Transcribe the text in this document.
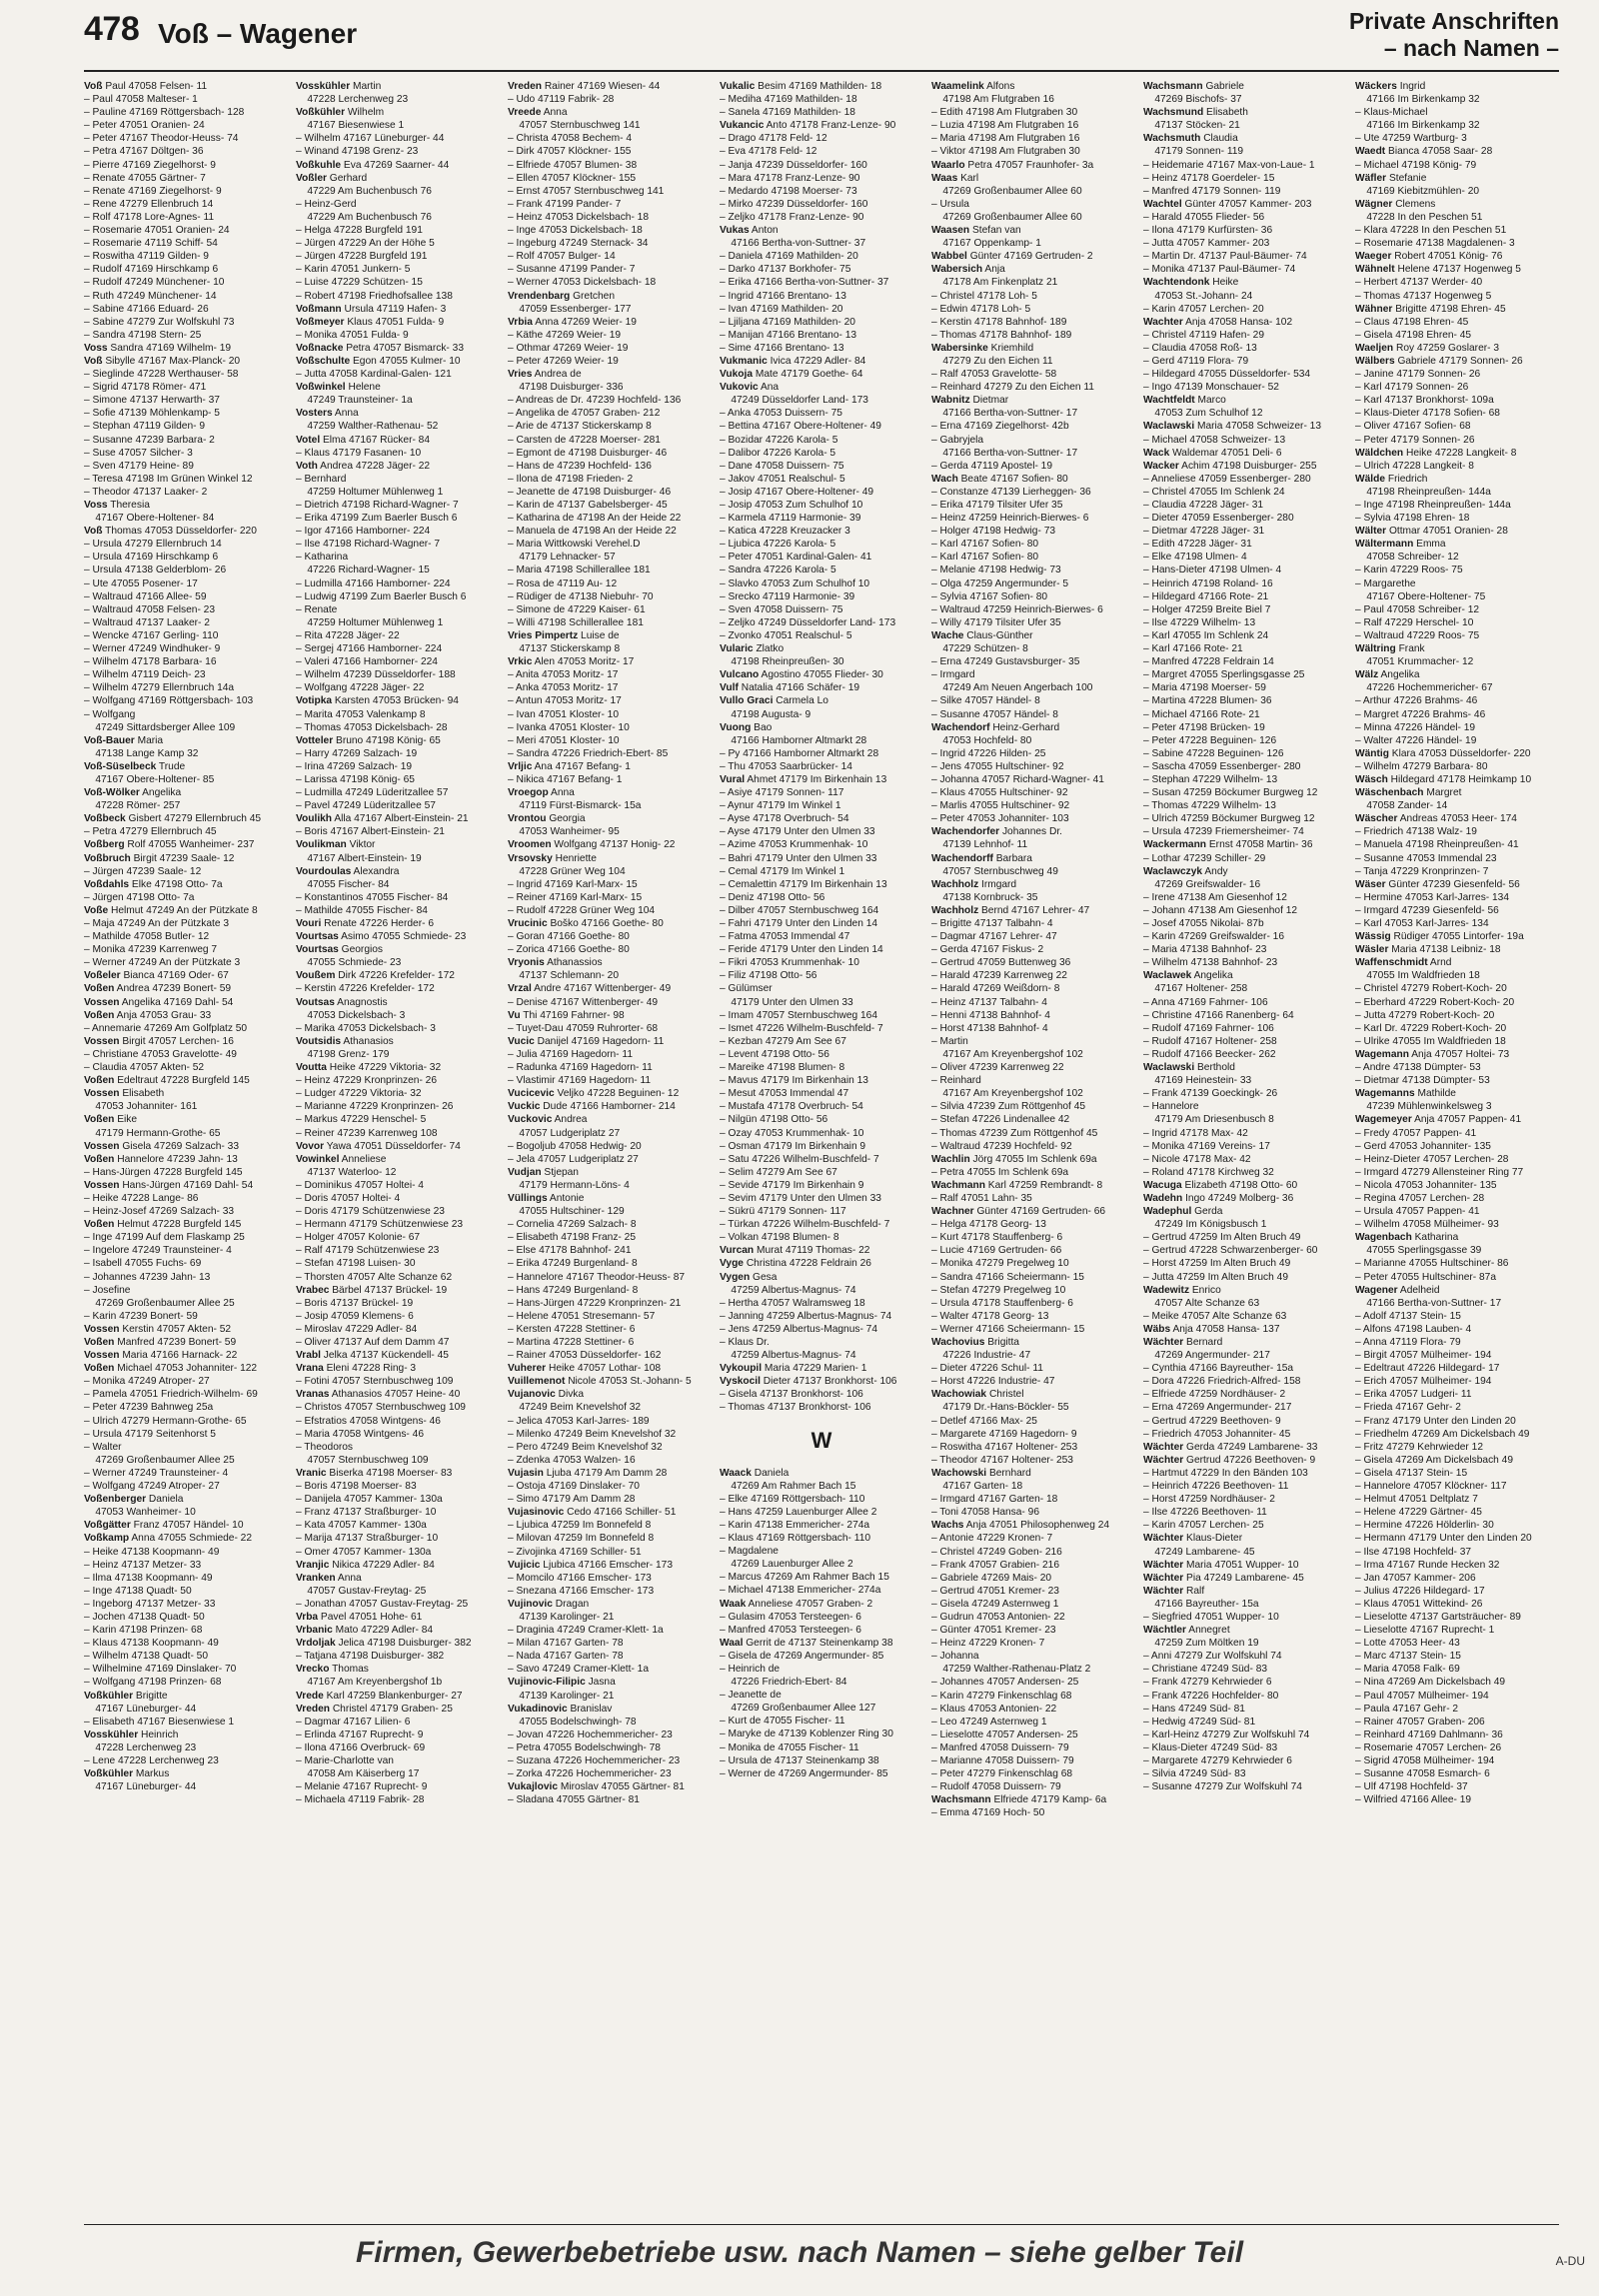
478 Voß – Wagener	Private Anschriften
– nach Namen –
Voß Paul 47058 Felsen- 11
– Paul 47058 Malteser- 1
– Pauline 47169 Röttgersbach- 128
– Peter 47051 Oranien- 24
– Peter 47167 Theodor-Heuss- 74
– Petra 47167 Döltgen- 36
– Pierre 47169 Ziegelhorst- 9
– Renate 47055 Gärtner- 7
– Renate 47169 Ziegelhorst- 9
– Rene 47279 Ellenbruch 14
– Rolf 47178 Lore-Agnes- 11
– Rosemarie 47051 Oranien- 24
– Rosemarie 47119 Schiff- 54
– Roswitha 47119 Gilden- 9
– Rudolf 47169 Hirschkamp 6
– Rudolf 47249 Münchener- 10
– Ruth 47249 Münchener- 14
– Sabine 47166 Eduard- 26
– Sabine 47279 Zur Wolfskuhl 73
– Sandra 47198 Stern- 25
Voss Sandra 47169 Wilhelm- 19
Voß Sibylle 47167 Max-Planck- 20
– Sieglinde 47228 Werthauser- 58
– Sigrid 47178 Römer- 471
– Simone 47137 Herwarth- 37
– Sofie 47139 Möhlenkamp- 5
– Stephan 47119 Gilden- 9
– Susanne 47239 Barbara- 2
– Suse 47057 Silcher- 3
– Sven 47179 Heine- 89
– Teresa 47198 Im Grünen Winkel 12
– Theodor 47137 Laaker- 2
Voss Theresia
47167 Obere-Holtener- 84
Voß Thomas 47053 Düsseldorfer- 220
– Ursula 47279 Ellernbruch 14
– Ursula 47169 Hirschkamp 6
– Ursula 47138 Gelderblom- 26
– Ute 47055 Posener- 17
– Waltraud 47166 Allee- 59
– Waltraud 47058 Felsen- 23
– Waltraud 47137 Laaker- 2
– Wencke 47167 Gerling- 110
– Werner 47249 Windhuker- 9
– Wilhelm 47178 Barbara- 16
– Wilhelm 47119 Deich- 23
– Wilhelm 47279 Ellernbruch 14a
– Wolfgang 47169 Röttgersbach- 103
– Wolfgang
47249 Sittardsberger Allee 109
Voß-Bauer Maria
47138 Lange Kamp 32
Voß-Süselbeck Trude
47167 Obere-Holtener- 85
Voß-Wölker Angelika
47228 Römer- 257
Voßbeck Gisbert 47279 Ellernbruch 45
– Petra 47279 Ellernbruch 45
Voßberg Rolf 47055 Wanheimer- 237
Voßbruch Birgit 47239 Saale- 12
– Jürgen 47239 Saale- 12
Voßdahls Elke 47198 Otto- 7a
– Jürgen 47198 Otto- 7a
Voße Helmut 47249 An der Pützkate 8
– Maja 47249 An der Pützkate 3
– Mathilde 47058 Butler- 12
– Monika 47239 Karrenweg 7
– Werner 47249 An der Pützkate 3
Voßeler Bianca 47169 Oder- 67
Voßen Andrea 47239 Bonert- 59
Vossen Angelika 47169 Dahl- 54
Voßen Anja 47053 Grau- 33
– Annemarie 47269 Am Golfplatz 50
Vossen Birgit 47057 Lerchen- 16
– Christiane 47053 Gravelotte- 49
– Claudia 47057 Akten- 52
Voßen Edeltraut 47228 Burgfeld 145
Vossen Elisabeth
47053 Johanniter- 161
Voßen Eike
47179 Hermann-Grothe- 65
Vossen Gisela 47269 Salzach- 33
Voßen Hannelore 47239 Jahn- 13
– Hans-Jürgen 47228 Burgfeld 145
Vossen Hans-Jürgen 47169 Dahl- 54
– Heike 47228 Lange- 86
– Heinz-Josef 47269 Salzach- 33
Voßen Helmut 47228 Burgfeld 145
– Inge 47199 Auf dem Flaskamp 25
– Ingelore 47249 Traunsteiner- 4
– Isabell 47055 Fuchs- 69
– Johannes 47239 Jahn- 13
– Josefine
47269 Großenbaumer Allee 25
– Karin 47239 Bonert- 59
Vossen Kerstin 47057 Akten- 52
Voßen Manfred 47239 Bonert- 59
Vossen Maria 47166 Harnack- 22
Voßen Michael 47053 Johanniter- 122
– Monika 47249 Atroper- 27
– Pamela 47051 Friedrich-Wilhelm- 69
– Peter 47239 Bahnweg 25a
– Ulrich 47279 Hermann-Grothe- 65
– Ursula 47179 Seitenhorst 5
– Walter
47269 Großenbaumer Allee 25
– Werner 47249 Traunsteiner- 4
– Wolfgang 47249 Atroper- 27
Voßenberger Daniela
47053 Wanheimer- 10
Voßgätter Franz 47057 Händel- 10
Voßkamp Anna 47055 Schmiede- 22
– Heike 47138 Koopmann- 49
– Heinz 47137 Metzer- 33
– Ilma 47138 Koopmann- 49
– Inge 47138 Quadt- 50
– Ingeborg 47137 Metzer- 33
– Jochen 47138 Quadt- 50
– Karin 47198 Prinzen- 68
– Klaus 47138 Koopmann- 49
– Wilhelm 47138 Quadt- 50
– Wilhelmine 47169 Dinslaker- 70
– Wolfgang 47198 Prinzen- 68
Voßkühler Brigitte
47167 Lüneburger- 44
– Elisabeth 47167 Biesenwiese 1
Vosskühler Heinrich
47228 Lerchenweg 23
– Lene 47228 Lerchenweg 23
Voßkühler Markus
47167 Lüneburger- 44
Vosskühler Martin
47228 Lerchenweg 23
Voßkühler Wilhelm
47167 Biesenwiese 1
– Wilhelm 47167 Lüneburger- 44
– Winand 47198 Grenz- 23
Voßkuhle Eva 47269 Saarner- 44
Voßler Gerhard
47229 Am Buchenbusch 76
– Heinz-Gerd
47229 Am Buchenbusch 76
– Helga 47228 Burgfeld 191
– Jürgen 47229 An der Höhe 5
– Jürgen 47228 Burgfeld 191
– Karin 47051 Junkern- 5
– Luise 47229 Schützen- 15
– Robert 47198 Friedhofsallee 138
Voßmann Ursula 47119 Hafen- 3
Voßmeyer Klaus 47051 Fulda- 9
– Monika 47051 Fulda- 9
Voßnacke Petra 47057 Bismarck- 33
Voßschulte Egon 47055 Kulmer- 10
– Jutta 47058 Kardinal-Galen- 121
Voßwinkel Helene
47249 Traunsteiner- 1a
Vosters Anna
47259 Walther-Rathenau- 52
Votel Elma 47167 Rücker- 84
– Klaus 47179 Fasanen- 10
Voth Andrea 47228 Jäger- 22
– Bernhard
47259 Holtumer Mühlenweg 1
– Dietrich 47198 Richard-Wagner- 7
– Erika 47199 Zum Baerler Busch 6
– Igor 47166 Hamborner- 224
– Ilse 47198 Richard-Wagner- 7
– Katharina
47226 Richard-Wagner- 15
– Ludmilla 47166 Hamborner- 224
– Ludwig 47199 Zum Baerler Busch 6
– Renate
47259 Holtumer Mühlenweg 1
– Rita 47228 Jäger- 22
– Sergej 47166 Hamborner- 224
– Valeri 47166 Hamborner- 224
– Wilhelm 47239 Düsseldorfer- 188
– Wolfgang 47228 Jäger- 22
Votipka Karsten 47053 Brücken- 94
– Marita 47053 Valenkamp 8
– Thomas 47053 Dickelsbach- 28
Votteler Bruno 47198 König- 65
– Harry 47269 Salzach- 19
– Irina 47269 Salzach- 19
– Larissa 47198 König- 65
– Ludmilla 47249 Lüderitzallee 57
– Pavel 47249 Lüderitzallee 57
Voulikh Alla 47167 Albert-Einstein- 21
– Boris 47167 Albert-Einstein- 21
Voulikman Viktor
47167 Albert-Einstein- 19
Vourdoulas Alexandra
47055 Fischer- 84
– Konstantinos 47055 Fischer- 84
– Mathilde 47055 Fischer- 84
Vouri Renate 47226 Herder- 6
Vourtsas Asimo 47055 Schmiede- 23
Vourtsas Georgios
47055 Schmiede- 23
Voußem Dirk 47226 Krefelder- 172
– Kerstin 47226 Krefelder- 172
Voutsas Anagnostis
47053 Dickelsbach- 3
– Marika 47053 Dickelsbach- 3
Voutsidis Athanasios
47198 Grenz- 179
Voutta Heike 47229 Viktoria- 32
– Heinz 47229 Kronprinzen- 26
– Ludger 47229 Viktoria- 32
– Marianne 47229 Kronprinzen- 26
– Markus 47229 Henschel- 5
– Reiner 47239 Karrenweg 108
Vovor Yawa 47051 Düsseldorfer- 74
Vowinkel Anneliese
47137 Waterloo- 12
– Dominikus 47057 Holtei- 4
– Doris 47057 Holtei- 4
– Doris 47179 Schützenwiese 23
– Hermann 47179 Schützenwiese 23
– Holger 47057 Kolonie- 67
– Ralf 47179 Schützenwiese 23
– Stefan 47198 Luisen- 30
– Thorsten 47057 Alte Schanze 62
Vrabec Bärbel 47137 Brückel- 19
– Boris 47137 Brückel- 19
– Josip 47059 Klemens- 6
– Miroslav 47229 Adler- 84
– Oliver 47137 Auf dem Damm 47
Vrabl Jelka 47137 Kückendell- 45
Vrana Eleni 47228 Ring- 3
– Fotini 47057 Sternbuschweg 109
Vranas Athanasios 47057 Heine- 40
– Christos 47057 Sternbuschweg 109
– Efstratios 47058 Wintgens- 46
– Maria 47058 Wintgens- 46
– Theodoros
47057 Sternbuschweg 109
Vranic Biserka 47198 Moerser- 83
– Boris 47198 Moerser- 83
– Danijela 47057 Kammer- 130a
– Franz 47137 Straßburger- 10
– Kata 47057 Kammer- 130a
– Marija 47137 Straßburger- 10
– Omer 47057 Kammer- 130a
Vranjic Nikica 47229 Adler- 84
Vranken Anna
47057 Gustav-Freytag- 25
– Jonathan 47057 Gustav-Freytag- 25
Vrba Pavel 47051 Hohe- 61
Vrbanic Mato 47229 Adler- 84
Vrdoljak Jelica 47198 Duisburger- 382
– Tatjana 47198 Duisburger- 382
Vrecko Thomas
47167 Am Kreyenbergshof 1b
Vrede Karl 47259 Blankenburger- 27
Vreden Christel 47179 Graben- 25
– Dagmar 47167 Lilien- 6
– Erlinda 47167 Ruprecht- 9
– Ilona 47166 Overbruck- 69
– Marie-Charlotte van
47058 Am Käiserberg 17
– Melanie 47167 Ruprecht- 9
– Michaela 47119 Fabrik- 28
Vreden Rainer 47169 Wiesen- 44
– Udo 47119 Fabrik- 28
Vreede Anna
47057 Sternbuschweg 141
– Christa 47058 Bechem- 4
– Dirk 47057 Klöckner- 155
– Elfriede 47057 Blumen- 38
– Ellen 47057 Klöckner- 155
– Ernst 47057 Sternbuschweg 141
– Frank 47199 Pander- 7
– Heinz 47053 Dickelsbach- 18
– Inge 47053 Dickelsbach- 18
– Ingeburg 47249 Sternack- 34
– Rolf 47057 Bulger- 14
– Susanne 47199 Pander- 7
– Werner 47053 Dickelsbach- 18
Vrendenbarg Gretchen
47059 Essenberger- 177
Vrbia Anna 47269 Weier- 19
– Käthe 47269 Weier- 19
– Othmar 47269 Weier- 19
– Peter 47269 Weier- 19
Vries Andrea de
47198 Duisburger- 336
– Andreas de Dr. 47239 Hochfeld- 136
– Angelika de 47057 Graben- 212
– Arie de 47137 Stickerskamp 8
– Carsten de 47228 Moerser- 281
– Egmont de 47198 Duisburger- 46
– Hans de 47239 Hochfeld- 136
– Ilona de 47198 Frieden- 2
– Jeanette de 47198 Duisburger- 46
– Karin de 47137 Gabelsberger- 45
– Katharina de 47198 An der Heide 22
– Manuela de 47198 An der Heide 22
– Maria Wittkowski Verehel.D
47179 Lehnacker- 57
– Maria 47198 Schillerallee 181
– Rosa de 47119 Au- 12
– Rüdiger de 47138 Niebuhr- 70
– Simone de 47229 Kaiser- 61
– Willi 47198 Schillerallee 181
Vries Pimpertz Luise de
47137 Stickerskamp 8
Vrkic Alen 47053 Moritz- 17
– Anita 47053 Moritz- 17
– Anka 47053 Moritz- 17
– Antun 47053 Moritz- 17
– Ivan 47051 Kloster- 10
– Ivanka 47051 Kloster- 10
– Meri 47051 Kloster- 10
– Sandra 47226 Friedrich-Ebert- 85
Vrljic Ana 47167 Befang- 1
– Nikica 47167 Befang- 1
Vroegop Anna
47119 Fürst-Bismarck- 15a
Vrontou Georgia
47053 Wanheimer- 95
Vroomen Wolfgang 47137 Honig- 22
Vrsovsky Henriette
47228 Grüner Weg 104
– Ingrid 47169 Karl-Marx- 15
– Reiner 47169 Karl-Marx- 15
– Rudolf 47228 Grüner Weg 104
Vrucinic Boško 47166 Goethe- 80
– Goran 47166 Goethe- 80
– Zorica 47166 Goethe- 80
Vryonis Athanassios
47137 Schlemann- 20
Vrzal Andre 47167 Wittenberger- 49
– Denise 47167 Wittenberger- 49
Vu Thi 47169 Fahrner- 98
– Tuyet-Dau 47059 Ruhrorter- 68
Vucic Danijel 47169 Hagedorn- 11
– Julia 47169 Hagedorn- 11
– Radunka 47169 Hagedorn- 11
– Vlastimir 47169 Hagedorn- 11
Vucicevic Veljko 47228 Beguinen- 12
Vuckic Dude 47166 Hamborner- 214
Vuckovic Andrea
47057 Ludgeriplatz 27
– Bogoljub 47058 Hedwig- 20
– Jela 47057 Ludgeriplatz 27
Vudjan Stjepan
47179 Hermann-Löns- 4
Vüllings Antonie
47055 Hultschiner- 129
– Cornelia 47269 Salzach- 8
– Elisabeth 47198 Franz- 25
– Else 47178 Bahnhof- 241
– Erika 47249 Burgenland- 8
– Hannelore 47167 Theodor-Heuss- 87
– Hans 47249 Burgenland- 8
– Hans-Jürgen 47229 Kronprinzen- 21
– Helene 47051 Stresemann- 57
– Kersten 47228 Stettiner- 6
– Martina 47228 Stettiner- 6
– Rainer 47053 Düsseldorfer- 162
Vuherer Heike 47057 Lothar- 108
Vuillemenot Nicole 47053 St.-Johann- 5
Vujanovic Divka
47249 Beim Knevelshof 32
– Jelica 47053 Karl-Jarres- 189
– Milenko 47249 Beim Knevelshof 32
– Pero 47249 Beim Knevelshof 32
– Zdenka 47053 Walzen- 16
Vujasin Ljuba 47179 Am Damm 28
– Ostoja 47169 Dinslaker- 70
– Simo 47179 Am Damm 28
Vujasinovic Cedo 47166 Schiller- 51
– Ljubica 47259 Im Bonnefeld 8
– Milovan 47259 Im Bonnefeld 8
– Zivojinka 47169 Schiller- 51
Vujicic Ljubica 47166 Emscher- 173
– Momcilo 47166 Emscher- 173
– Snezana 47166 Emscher- 173
Vujinovic Dragan
47139 Karolinger- 21
– Draginia 47249 Cramer-Klett- 1a
– Milan 47167 Garten- 78
– Nada 47167 Garten- 78
– Savo 47249 Cramer-Klett- 1a
Vujinovic-Filipic Jasna
47139 Karolinger- 21
Vukadinovic Branislav
47055 Bodelschwingh- 78
– Jovan 47226 Hochemmericher- 23
– Petra 47055 Bodelschwingh- 78
– Suzana 47226 Hochemmericher- 23
– Zorka 47226 Hochemmericher- 23
Vukajlovic Miroslav 47055 Gärtner- 81
– Sladana 47055 Gärtner- 81
Vukalic Besim 47169 Mathilden- 18
– Mediha 47169 Mathilden- 18
– Sanela 47169 Mathilden- 18
Vukancic Anto 47178 Franz-Lenze- 90
– Drago 47178 Feld- 12
– Eva 47178 Feld- 12
– Janja 47239 Düsseldorfer- 160
– Mara 47178 Franz-Lenze- 90
– Medardo 47198 Moerser- 73
– Mirko 47239 Düsseldorfer- 160
– Zeljko 47178 Franz-Lenze- 90
Vukas Anton
47166 Bertha-von-Suttner- 37
– Daniela 47169 Mathilden- 20
– Darko 47137 Borkhofer- 75
– Erika 47166 Bertha-von-Suttner- 37
– Ingrid 47166 Brentano- 13
– Ivan 47169 Mathilden- 20
– Ljiljana 47169 Mathilden- 20
– Manijan 47166 Brentano- 13
– Sime 47166 Brentano- 13
Vukmanic Ivica 47229 Adler- 84
Vukoja Mate 47179 Goethe- 64
Vukovic Ana
47249 Düsseldorfer Land- 173
– Anka 47053 Duissern- 75
– Bettina 47167 Obere-Holtener- 49
– Bozidar 47226 Karola- 5
– Dalibor 47226 Karola- 5
– Dane 47058 Duissern- 75
– Jakov 47051 Realschul- 5
– Josip 47167 Obere-Holtener- 49
– Josip 47053 Zum Schulhof 10
– Karmela 47119 Harmonie- 39
– Katica 47228 Kreuzacker 3
– Ljubica 47226 Karola- 5
– Peter 47051 Kardinal-Galen- 41
– Sandra 47226 Karola- 5
– Slavko 47053 Zum Schulhof 10
– Srecko 47119 Harmonie- 39
– Sven 47058 Duissern- 75
– Zeljko 47249 Düsseldorfer Land- 173
– Zvonko 47051 Realschul- 5
Vularic Zlatko
47198 Rheinpreußen- 30
Vulcano Agostino 47055 Flieder- 30
Vulf Natalia 47166 Schäfer- 19
Vullo Graci Carmela Lo
47198 Augusta- 9
Vuong Bao
47166 Hamborner Altmarkt 28
– Py 47166 Hamborner Altmarkt 28
– Thu 47053 Saarbrücker- 14
Vural Ahmet 47179 Im Birkenhain 13
– Asiye 47179 Sonnen- 117
– Aynur 47179 Im Winkel 1
– Ayse 47178 Overbruch- 54
– Ayse 47179 Unter den Ulmen 33
– Azime 47053 Krummenhak- 10
– Bahri 47179 Unter den Ulmen 33
– Cemal 47179 Im Winkel 1
– Cemalettin 47179 Im Birkenhain 13
– Deniz 47198 Otto- 56
– Dilber 47057 Sternbuschweg 164
– Fahri 47179 Unter den Linden 14
– Fatma 47053 Immendal 47
– Feride 47179 Unter den Linden 14
– Fikri 47053 Krummenhak- 10
– Filiz 47198 Otto- 56
– Gülümser
47179 Unter den Ulmen 33
– Imam 47057 Sternbuschweg 164
– Ismet 47226 Wilhelm-Buschfeld- 7
– Kezban 47279 Am See 67
– Levent 47198 Otto- 56
– Mareike 47198 Blumen- 8
– Mavus 47179 Im Birkenhain 13
– Mesut 47053 Immendal 47
– Mustafa 47178 Overbruch- 54
– Nilgün 47198 Otto- 56
– Ozay 47053 Krummenhak- 10
– Osman 47179 Im Birkenhain 9
– Satu 47226 Wilhelm-Buschfeld- 7
– Selim 47279 Am See 67
– Sevide 47179 Im Birkenhain 9
– Sevim 47179 Unter den Ulmen 33
– Sükrü 47179 Sonnen- 117
– Türkan 47226 Wilhelm-Buschfeld- 7
– Volkan 47198 Blumen- 8
Vurcan Murat 47119 Thomas- 22
Vyge Christina 47228 Feldrain 26
Vygen Gesa
47259 Albertus-Magnus- 74
– Hertha 47057 Walramsweg 18
– Janning 47259 Albertus-Magnus- 74
– Jens 47259 Albertus-Magnus- 74
– Klaus Dr.
47259 Albertus-Magnus- 74
Vykoupil Maria 47229 Marien- 1
Vyskocil Dieter 47137 Bronkhorst- 106
– Gisela 47137 Bronkhorst- 106
– Thomas 47137 Bronkhorst- 106
W
Waack Daniela
47269 Am Rahmer Bach 15
– Elke 47169 Röttgersbach- 110
– Hans 47259 Lauenburger Allee 2
– Karin 47138 Emmericher- 274a
– Klaus 47169 Röttgersbach- 110
– Magdalene
47269 Lauenburger Allee 2
– Marcus 47269 Am Rahmer Bach 15
– Michael 47138 Emmericher- 274a
Waak Anneliese 47057 Graben- 2
– Gulasim 47053 Tersteegen- 6
– Manfred 47053 Tersteegen- 6
Waal Gerrit de 47137 Steinenkamp 38
– Gisela de 47269 Angermunder- 85
– Heinrich de
47226 Friedrich-Ebert- 84
– Jeanette de
47269 Großenbaumer Allee 127
– Kurt de 47055 Fischer- 11
– Maryke de 47139 Koblenzer Ring 30
– Monika de 47055 Fischer- 11
– Ursula de 47137 Steinenkamp 38
– Werner de 47269 Angermunder- 85
Waamelink Alfons
47198 Am Flutgraben 16
– Edith 47198 Am Flutgraben 30
– Luzia 47198 Am Flutgraben 16
– Maria 47198 Am Flutgraben 16
– Viktor 47198 Am Flutgraben 30
Waarlo Petra 47057 Fraunhofer- 3a
Waas Karl
47269 Großenbaumer Allee 60
– Ursula
47269 Großenbaumer Allee 60
Waasen Stefan van
47167 Oppenkamp- 1
Wabbel Günter 47169 Gertruden- 2
Wabersich Anja
47178 Am Finkenplatz 21
– Christel 47178 Loh- 5
– Edwin 47178 Loh- 5
– Kerstin 47178 Bahnhof- 189
– Thomas 47178 Bahnhof- 189
Wabersinke Kriemhild
47279 Zu den Eichen 11
– Ralf 47053 Gravelotte- 58
– Reinhard 47279 Zu den Eichen 11
Wabnitz Dietmar
47166 Bertha-von-Suttner- 17
– Erna 47169 Ziegelhorst- 42b
– Gabryjela
47166 Bertha-von-Suttner- 17
– Gerda 47119 Apostel- 19
Wach Beate 47167 Sofien- 80
– Constanze 47139 Lierheggen- 36
– Erika 47179 Tilsiter Ufer 35
– Heinz 47259 Heinrich-Bierwes- 6
– Holger 47198 Hedwig- 73
– Karl 47167 Sofien- 80
– Karl 47167 Sofien- 80
– Melanie 47198 Hedwig- 73
– Olga 47259 Angermunder- 5
– Sylvia 47167 Sofien- 80
– Waltraud 47259 Heinrich-Bierwes- 6
– Willy 47179 Tilsiter Ufer 35
Wache Claus-Günther
47229 Schützen- 8
– Erna 47249 Gustavsburger- 35
– Irmgard
47249 Am Neuen Angerbach 100
– Silke 47057 Händel- 8
– Susanne 47057 Händel- 8
Wachendorf Heinz-Gerhard
47053 Hochfeld- 80
– Ingrid 47226 Hilden- 25
– Jens 47055 Hultschiner- 92
– Johanna 47057 Richard-Wagner- 41
– Klaus 47055 Hultschiner- 92
– Marlis 47055 Hultschiner- 92
– Peter 47053 Johanniter- 103
Wachendorfer Johannes Dr.
47139 Lehnhof- 11
Wachendorff Barbara
47057 Sternbuschweg 49
Wachholz Irmgard
47138 Kornbruck- 35
Wachholz Bernd 47167 Lehrer- 47
– Brigitte 47137 Talbahn- 4
– Dagmar 47167 Lehrer- 47
– Gerda 47167 Fiskus- 2
– Gertrud 47059 Buttenweg 36
– Harald 47239 Karrenweg 22
– Harald 47269 Weißdorn- 8
– Heinz 47137 Talbahn- 4
– Henni 47138 Bahnhof- 4
– Horst 47138 Bahnhof- 4
– Martin
47167 Am Kreyenbergshof 102
– Oliver 47239 Karrenweg 22
– Reinhard
47167 Am Kreyenbergshof 102
– Silvia 47239 Zum Röttgenhof 45
– Stefan 47226 Lindenallee 42
– Thomas 47239 Zum Röttgenhof 45
– Waltraud 47239 Hochfeld- 92
Wachlin Jörg 47055 Im Schlenk 69a
– Petra 47055 Im Schlenk 69a
Wachmann Karl 47259 Rembrandt- 8
– Ralf 47051 Lahn- 35
Wachner Günter 47169 Gertruden- 66
– Helga 47178 Georg- 13
– Kurt 47178 Stauffenberg- 6
– Lucie 47169 Gertruden- 66
– Monika 47279 Pregelweg 10
– Sandra 47166 Scheiermann- 15
– Stefan 47279 Pregelweg 10
– Ursula 47178 Stauffenberg- 6
– Walter 47178 Georg- 13
– Werner 47166 Scheiermann- 15
Wachovius Brigitta
47226 Industrie- 47
– Dieter 47226 Schul- 11
– Horst 47226 Industrie- 47
Wachowiak Christel
47179 Dr.-Hans-Böckler- 55
– Detlef 47166 Max- 25
– Margarete 47169 Hagedorn- 9
– Roswitha 47167 Holtener- 253
– Theodor 47167 Holtener- 253
Wachowski Bernhard
47167 Garten- 18
– Irmgard 47167 Garten- 18
– Toni 47058 Hansa- 96
Wachs Anja 47051 Philosophenweg 24
– Antonie 47229 Kronen- 7
– Christel 47249 Goben- 216
– Frank 47057 Grabien- 216
– Gabriele 47269 Mais- 20
– Gertrud 47051 Kremer- 23
– Gisela 47249 Asternweg 1
– Gudrun 47053 Antonien- 22
– Günter 47051 Kremer- 23
– Heinz 47229 Kronen- 7
– Johanna
47259 Walther-Rathenau-Platz 2
– Johannes 47057 Andersen- 25
– Karin 47279 Finkenschlag 68
– Klaus 47053 Antonien- 22
– Leo 47249 Asternweg 1
– Lieselotte 47057 Andersen- 25
– Manfred 47058 Duissern- 79
– Marianne 47058 Duissern- 79
– Peter 47279 Finkenschlag 68
– Rudolf 47058 Duissern- 79
Wachsmann Elfriede 47179 Kamp- 6a
– Emma 47169 Hoch- 50
Wachsmann Gabriele
47269 Bischofs- 37
Wachsmund Elisabeth
47137 Stöcken- 21
Wachsmuth Claudia
47179 Sonnen- 119
– Heidemarie 47167 Max-von-Laue- 1
– Heinz 47178 Goerdeler- 15
– Manfred 47179 Sonnen- 119
Wachtel Günter 47057 Kammer- 203
– Harald 47055 Flieder- 56
– Ilona 47179 Kurfürsten- 36
– Jutta 47057 Kammer- 203
– Martin Dr. 47137 Paul-Bäumer- 74
– Monika 47137 Paul-Bäumer- 74
Wachtendonk Heike
47053 St.-Johann- 24
– Karin 47057 Lerchen- 20
Wachter Anja 47058 Hansa- 102
– Christel 47119 Hafen- 29
– Claudia 47058 Roß- 13
– Gerd 47119 Flora- 79
– Hildegard 47055 Düsseldorfer- 534
– Ingo 47139 Monschauer- 52
Wachtfeldt Marco
47053 Zum Schulhof 12
Waclawski Maria 47058 Schweizer- 13
– Michael 47058 Schweizer- 13
Wack Waldemar 47051 Deli- 6
Wacker Achim 47198 Duisburger- 255
– Anneliese 47059 Essenberger- 280
– Christel 47055 Im Schlenk 24
– Claudia 47228 Jäger- 31
– Dieter 47059 Essenberger- 280
– Dietmar 47228 Jäger- 31
– Edith 47228 Jäger- 31
– Elke 47198 Ulmen- 4
– Hans-Dieter 47198 Ulmen- 4
– Heinrich 47198 Roland- 16
– Hildegard 47166 Rote- 21
– Holger 47259 Breite Biel 7
– Ilse 47229 Wilhelm- 13
– Karl 47055 Im Schlenk 24
– Karl 47166 Rote- 21
– Manfred 47228 Feldrain 14
– Margret 47055 Sperlingsgasse 25
– Maria 47198 Moerser- 59
– Martina 47228 Blumen- 36
– Michael 47166 Rote- 21
– Peter 47198 Brücken- 19
– Peter 47228 Beguinen- 126
– Sabine 47228 Beguinen- 126
– Sascha 47059 Essenberger- 280
– Stephan 47229 Wilhelm- 13
– Susan 47259 Böckumer Burgweg 12
– Thomas 47229 Wilhelm- 13
– Ulrich 47259 Böckumer Burgweg 12
– Ursula 47239 Friemersheimer- 74
Wackermann Ernst 47058 Martin- 36
– Lothar 47239 Schiller- 29
Waclawczyk Andy
47269 Greifswalder- 16
– Irene 47138 Am Giesenhof 12
– Johann 47138 Am Giesenhof 12
– Josef 47055 Nikolai- 87b
– Karin 47269 Greifswalder- 16
– Maria 47138 Bahnhof- 23
– Wilhelm 47138 Bahnhof- 23
Waclawek Angelika
47167 Holtener- 258
– Anna 47169 Fahrner- 106
– Christine 47166 Ranenberg- 64
– Rudolf 47169 Fahrner- 106
– Rudolf 47167 Holtener- 258
– Rudolf 47166 Beecker- 262
Waclawski Berthold
47169 Heinestein- 33
– Frank 47139 Goeckingk- 26
– Hannelore
47179 Am Driesenbusch 8
– Ingrid 47178 Max- 42
– Monika 47169 Vereins- 17
– Nicole 47178 Max- 42
– Roland 47178 Kirchweg 32
Wacuga Elizabeth 47198 Otto- 60
Wadehn Ingo 47249 Molberg- 36
Wadephul Gerda
47249 Im Königsbusch 1
– Gertrud 47259 Im Alten Bruch 49
– Gertrud 47228 Schwarzenberger- 60
– Horst 47259 Im Alten Bruch 49
– Jutta 47259 Im Alten Bruch 49
Wadewitz Enrico
47057 Alte Schanze 63
– Meike 47057 Alte Schanze 63
Wäbs Anja 47058 Hansa- 137
Wächter Bernard
47269 Angermunder- 217
– Cynthia 47166 Bayreuther- 15a
– Dora 47226 Friedrich-Alfred- 158
– Elfriede 47259 Nordhäuser- 2
– Erna 47269 Angermunder- 217
– Gertrud 47229 Beethoven- 9
– Friedrich 47053 Johanniter- 45
Wächter Gerda 47249 Lambarene- 33
Wächter Gertrud 47226 Beethoven- 9
– Hartmut 47229 In den Bänden 103
– Heinrich 47226 Beethoven- 11
– Horst 47259 Nordhäuser- 2
– Ilse 47226 Beethoven- 11
– Karin 47057 Lerchen- 25
Wächter Klaus-Dieter
47249 Lambarene- 45
Wächter Maria 47051 Wupper- 10
Wächter Pia 47249 Lambarene- 45
Wächter Ralf
47166 Bayreuther- 15a
– Siegfried 47051 Wupper- 10
Wächtler Annegret
47259 Zum Möltken 19
– Anni 47279 Zur Wolfskuhl 74
– Christiane 47249 Süd- 83
– Frank 47279 Kehrwieder 6
– Frank 47226 Hochfelder- 80
– Hans 47249 Süd- 81
– Hedwig 47249 Süd- 81
– Karl-Heinz 47279 Zur Wolfskuhl 74
– Klaus-Dieter 47249 Süd- 83
– Margarete 47279 Kehrwieder 6
– Silvia 47249 Süd- 83
– Susanne 47279 Zur Wolfskuhl 74
Wäckers Ingrid
47166 Im Birkenkamp 32
– Klaus-Michael
47166 Im Birkenkamp 32
– Ute 47259 Wartburg- 3
Waedt Bianca 47058 Saar- 28
– Michael 47198 König- 79
Wäfler Stefanie
47169 Kiebitzmühlen- 20
Wägner Clemens
47228 In den Peschen 51
– Klara 47228 In den Peschen 51
– Rosemarie 47138 Magdalenen- 3
Waeger Robert 47051 König- 76
Wähnelt Helene 47137 Hogenweg 5
– Herbert 47137 Werder- 40
– Thomas 47137 Hogenweg 5
Wähner Brigitte 47198 Ehren- 45
– Claus 47198 Ehren- 45
– Gisela 47198 Ehren- 45
Waeljen Roy 47259 Goslarer- 3
Wälbers Gabriele 47179 Sonnen- 26
– Janine 47179 Sonnen- 26
– Karl 47179 Sonnen- 26
– Karl 47137 Bronkhorst- 109a
– Klaus-Dieter 47178 Sofien- 68
– Oliver 47167 Sofien- 68
– Peter 47179 Sonnen- 26
Wäldchen Heike 47228 Langkeit- 8
– Ulrich 47228 Langkeit- 8
Wälde Friedrich
47198 Rheinpreußen- 144a
– Inge 47198 Rheinpreußen- 144a
– Sylvia 47198 Ehren- 18
Wälter Ottmar 47051 Oranien- 28
Wältermann Emma
47058 Schreiber- 12
– Karin 47229 Roos- 75
– Margarethe
47167 Obere-Holtener- 75
– Paul 47058 Schreiber- 12
– Ralf 47229 Herschel- 10
– Waltraud 47229 Roos- 75
Wältring Frank
47051 Krummacher- 12
Wälz Angelika
47226 Hochemmericher- 67
– Arthur 47226 Brahms- 46
– Margret 47226 Brahms- 46
– Minna 47226 Händel- 19
– Walter 47226 Händel- 19
Wäntig Klara 47053 Düsseldorfer- 220
– Wilhelm 47279 Barbara- 80
Wäsch Hildegard 47178 Heimkamp 10
Wäschenbach Margret
47058 Zander- 14
Wäscher Andreas 47053 Heer- 174
– Friedrich 47138 Walz- 19
– Manuela 47198 Rheinpreußen- 41
– Susanne 47053 Immendal 23
– Tanja 47229 Kronprinzen- 7
Wäser Günter 47239 Giesenfeld- 56
– Hermine 47053 Karl-Jarres- 134
– Irmgard 47239 Giesenfeld- 56
– Karl 47053 Karl-Jarres- 134
Wässig Rüdiger 47055 Lintorfer- 19a
Wäsler Maria 47138 Leibniz- 18
Waffenschmidt Arnd
47055 Im Waldfrieden 18
– Christel 47279 Robert-Koch- 20
– Eberhard 47229 Robert-Koch- 20
– Jutta 47279 Robert-Koch- 20
– Karl Dr. 47229 Robert-Koch- 20
– Ulrike 47055 Im Waldfrieden 18
Wagemann Anja 47057 Holtei- 73
– Andre 47138 Dümpter- 53
– Dietmar 47138 Dümpter- 53
Wagemanns Mathilde
47239 Mühlenwinkelsweg 3
Wagemeyer Anja 47057 Pappen- 41
– Fredy 47057 Pappen- 41
– Gerd 47053 Johanniter- 135
– Heinz-Dieter 47057 Lerchen- 28
– Irmgard 47279 Allensteiner Ring 77
– Nicola 47053 Johanniter- 135
– Regina 47057 Lerchen- 28
– Ursula 47057 Pappen- 41
– Wilhelm 47058 Mülheimer- 93
Wagenbach Katharina
47055 Sperlingsgasse 39
– Marianne 47055 Hultschiner- 86
– Peter 47055 Hultschiner- 87a
Wagener Adelheid
47166 Bertha-von-Suttner- 17
– Adolf 47137 Stein- 15
– Alfons 47198 Lauben- 4
– Anna 47119 Flora- 79
– Birgit 47057 Mülheimer- 194
– Edeltraut 47226 Hildegard- 17
– Erich 47057 Mülheimer- 194
– Erika 47057 Ludgeri- 11
– Frieda 47167 Gehr- 2
– Franz 47179 Unter den Linden 20
– Friedhelm 47269 Am Dickelsbach 49
– Fritz 47279 Kehrwieder 12
– Gisela 47269 Am Dickelsbach 49
– Gisela 47137 Stein- 15
– Hannelore 47057 Klöckner- 117
– Helmut 47051 Deltplatz 7
– Helene 47229 Gärtner- 45
– Hermine 47226 Hölderlin- 30
– Hermann 47179 Unter den Linden 20
– Ilse 47198 Hochfeld- 37
– Irma 47167 Runde Hecken 32
– Jan 47057 Kammer- 206
– Julius 47226 Hildegard- 17
– Klaus 47051 Wittekind- 26
– Lieselotte 47137 Gartsträucher- 89
– Lieselotte 47167 Ruprecht- 1
– Lotte 47053 Heer- 43
– Marc 47137 Stein- 15
– Maria 47058 Falk- 69
– Nina 47269 Am Dickelsbach 49
– Paul 47057 Mülheimer- 194
– Paula 47167 Gehr- 2
– Rainer 47057 Graben- 206
– Reinhard 47169 Dahlmann- 36
– Rosemarie 47057 Lerchen- 26
– Sigrid 47058 Mülheimer- 194
– Susanne 47058 Esmarch- 6
– Ulf 47198 Hochfeld- 37
– Wilfried 47166 Allee- 19
Firmen, Gewerbebetriebe usw. nach Namen – siehe gelber Teil	A-DU
